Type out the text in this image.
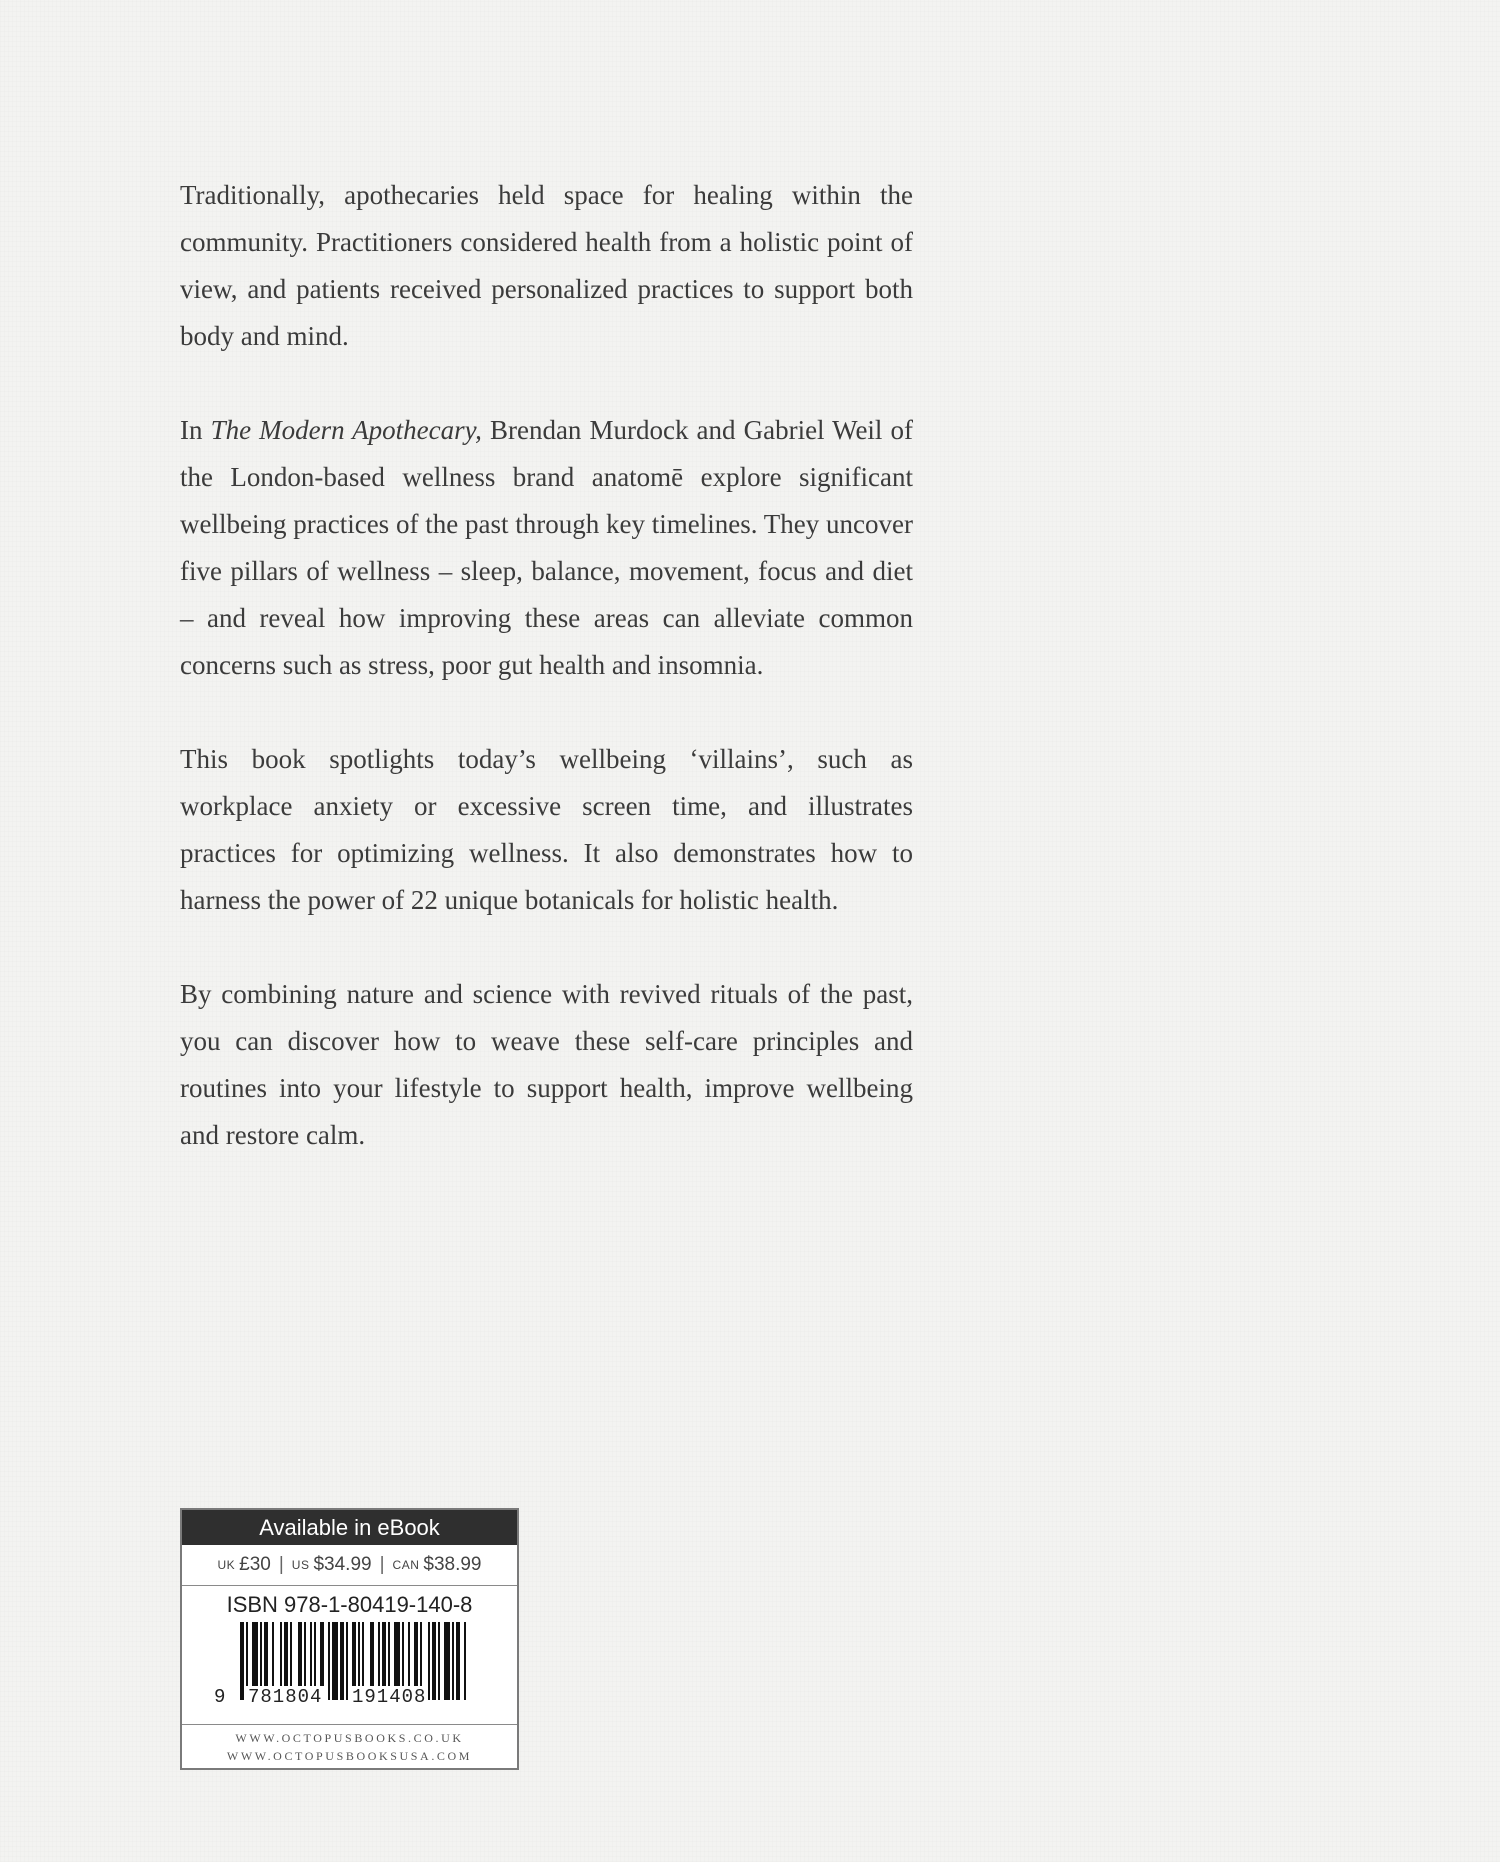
Traditionally, apothecaries held space for healing within the community. Practitioners considered health from a holistic point of view, and patients received personalized practices to support both body and mind.

In The Modern Apothecary, Brendan Murdock and Gabriel Weil of the London-based wellness brand anatomē explore significant wellbeing practices of the past through key timelines. They uncover five pillars of wellness – sleep, balance, movement, focus and diet – and reveal how improving these areas can alleviate common concerns such as stress, poor gut health and insomnia.

This book spotlights today’s wellbeing ‘villains’, such as workplace anxiety or excessive screen time, and illustrates practices for optimizing wellness. It also demonstrates how to harness the power of 22 unique botanicals for holistic health.

By combining nature and science with revived rituals of the past, you can discover how to weave these self-care principles and routines into your lifestyle to support health, improve wellbeing and restore calm.

Available in eBook
UK £30 | US $34.99 | CAN $38.99
ISBN 978-1-80419-140-8
9 781804 191408
WWW.OCTOPUSBOOKS.CO.UK
WWW.OCTOPUSBOOKSUSA.COM
